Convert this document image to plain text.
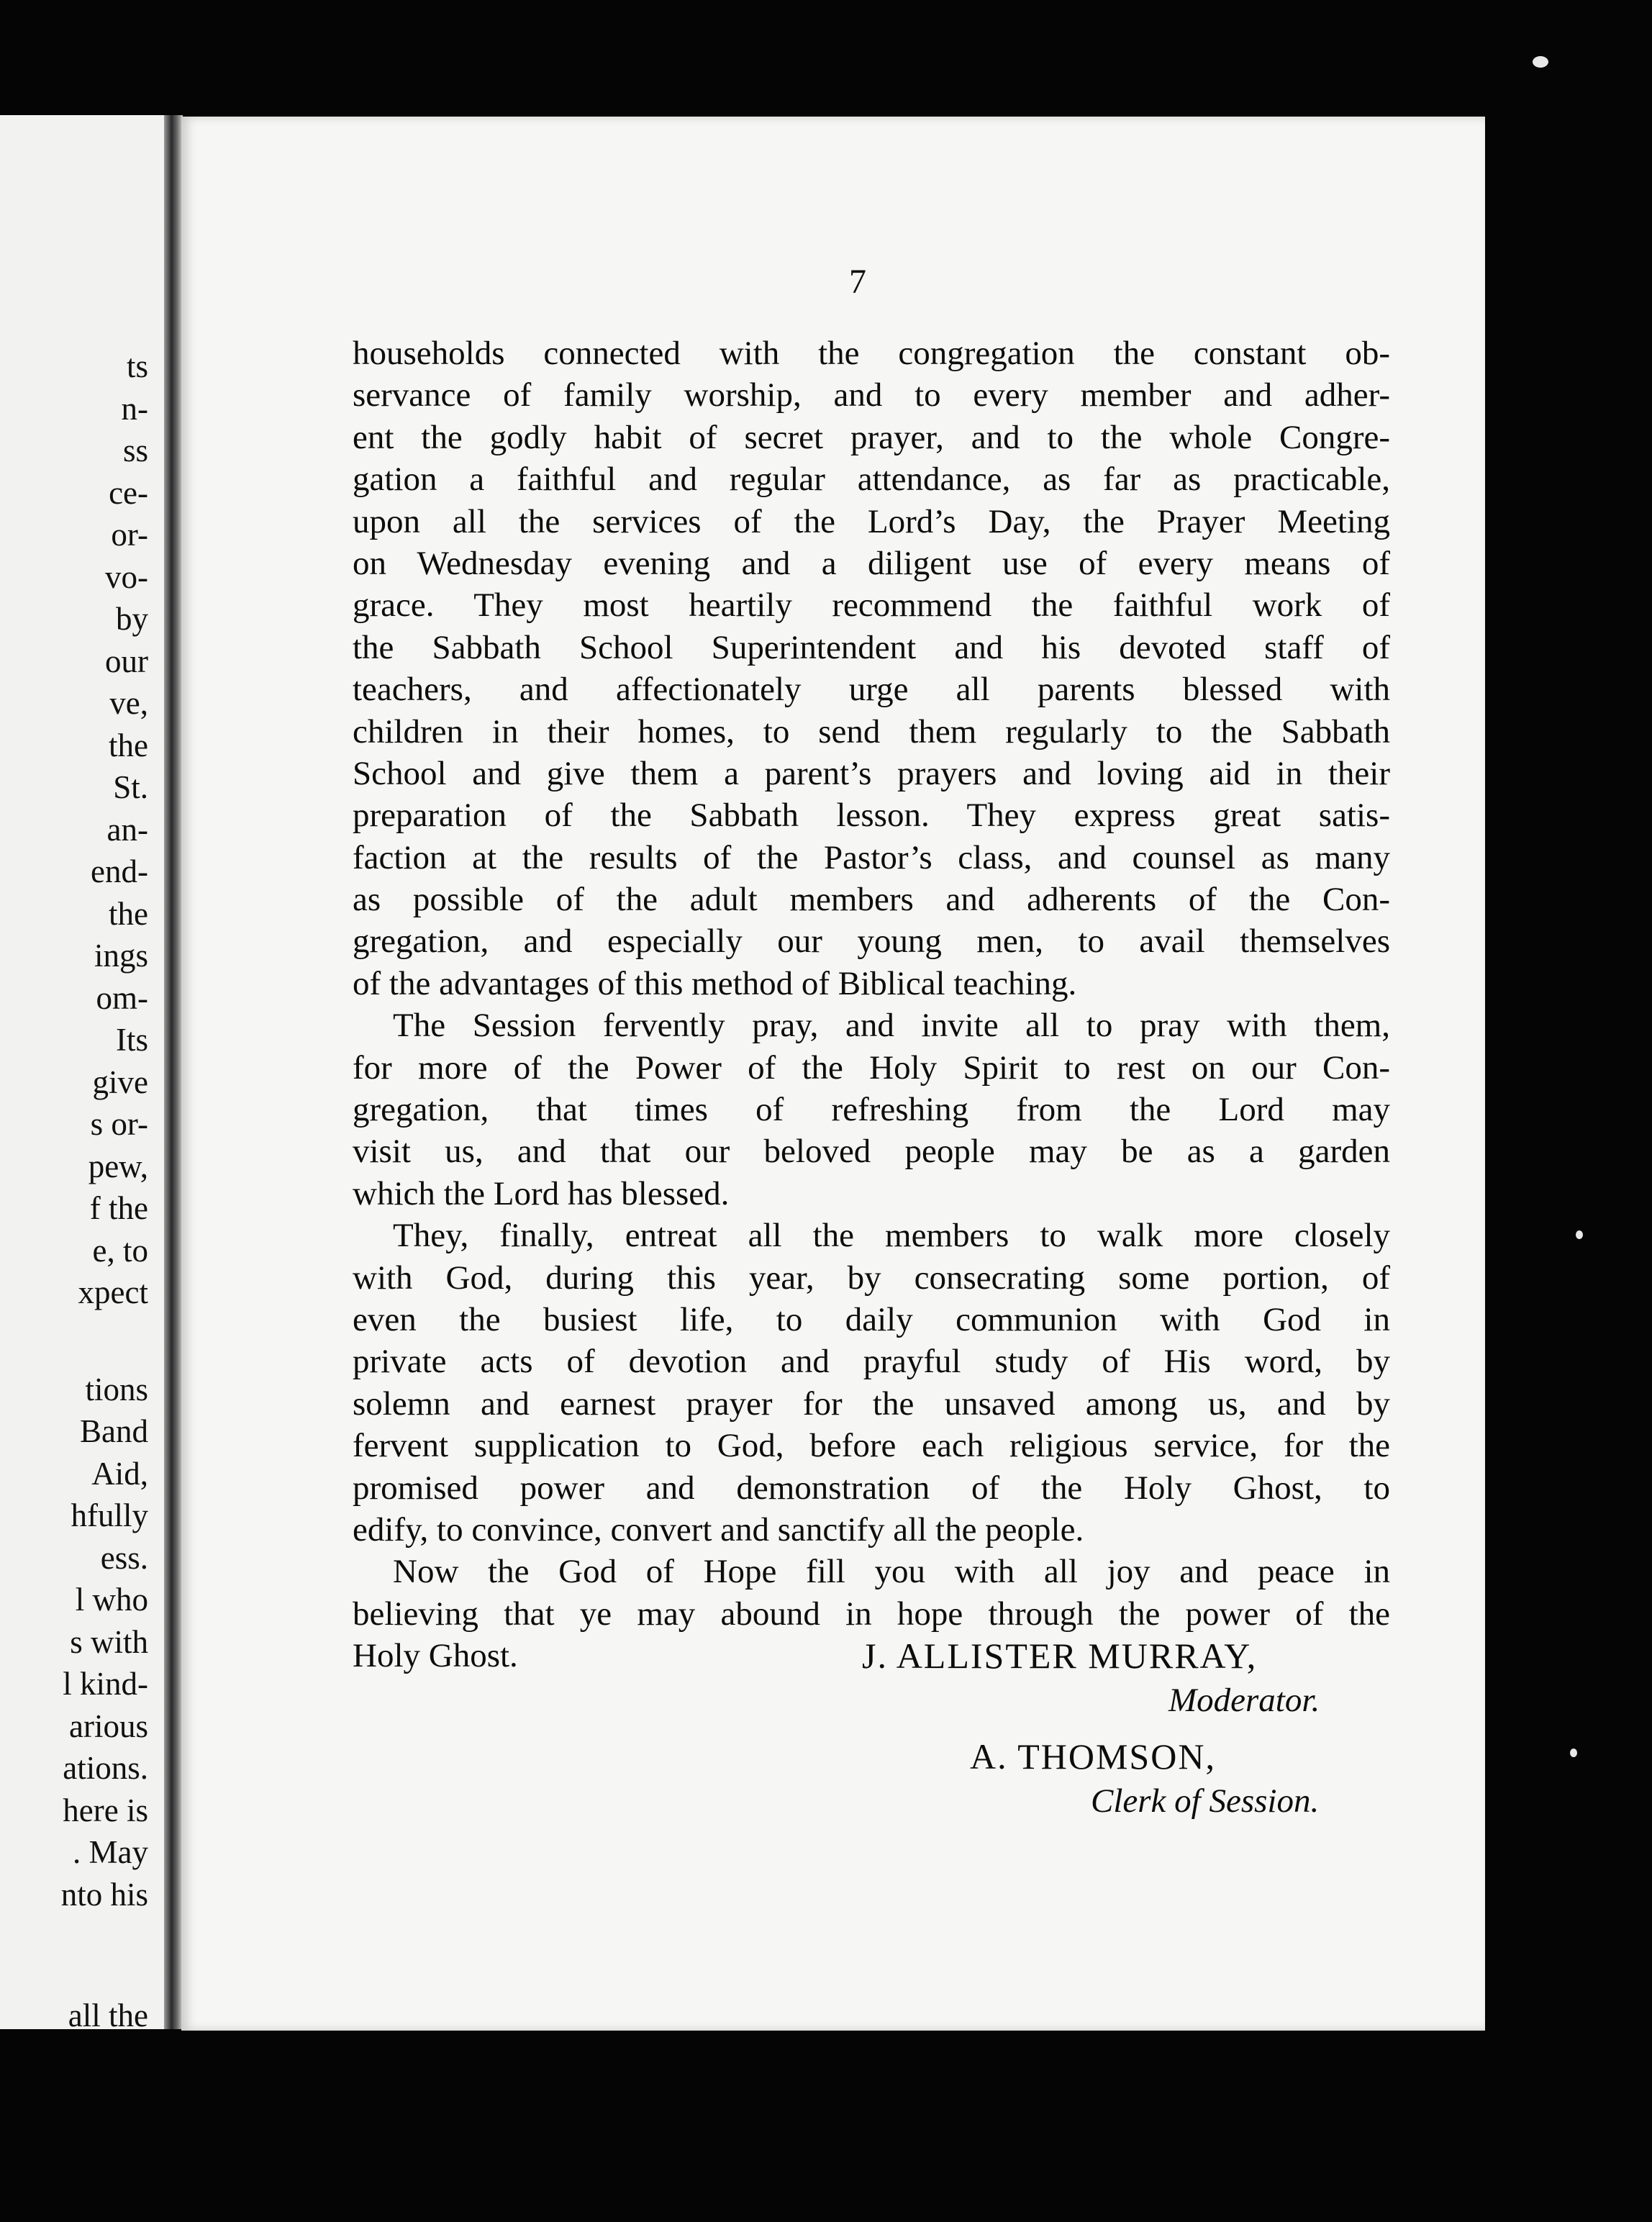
ts
n-
ss
ce-
or-
vo-
by
our
ve,
the
St.
an-
end-
the
ings
om-
Its
give
s or-
pew,
f the
e, to
xpect
tions
Band
Aid,
hfully
ess.
l who
s with
l kind-
arious
ations.
here is
. May
nto his
all the
7
households connected with the congregation the constant ob-
servance of family worship, and to every member and adher-
ent the godly habit of secret prayer, and to the whole Congre-
gation a faithful and regular attendance, as far as practicable,
upon all the services of the Lord’s Day, the Prayer Meeting
on Wednesday evening and a diligent use of every means of
grace. They most heartily recommend the faithful work of
the Sabbath School Superintendent and his devoted staff of
teachers, and affectionately urge all parents blessed with
children in their homes, to send them regularly to the Sabbath
School and give them a parent’s prayers and loving aid in their
preparation of the Sabbath lesson. They express great satis-
faction at the results of the Pastor’s class, and counsel as many
as possible of the adult members and adherents of the Con-
gregation, and especially our young men, to avail themselves
of the advantages of this method of Biblical teaching.
The Session fervently pray, and invite all to pray with them,
for more of the Power of the Holy Spirit to rest on our Con-
gregation, that times of refreshing from the Lord may
visit us, and that our beloved people may be as a garden
which the Lord has blessed.
They, finally, entreat all the members to walk more closely
with God, during this year, by consecrating some portion, of
even the busiest life, to daily communion with God in
private acts of devotion and prayful study of His word, by
solemn and earnest prayer for the unsaved among us, and by
fervent supplication to God, before each religious service, for the
promised power and demonstration of the Holy Ghost, to
edify, to convince, convert and sanctify all the people.
Now the God of Hope fill you with all joy and peace in
believing that ye may abound in hope through the power of the
Holy Ghost.	J. ALLISTER MURRAY,
Moderator.
A. THOMSON,
Clerk of Session.
